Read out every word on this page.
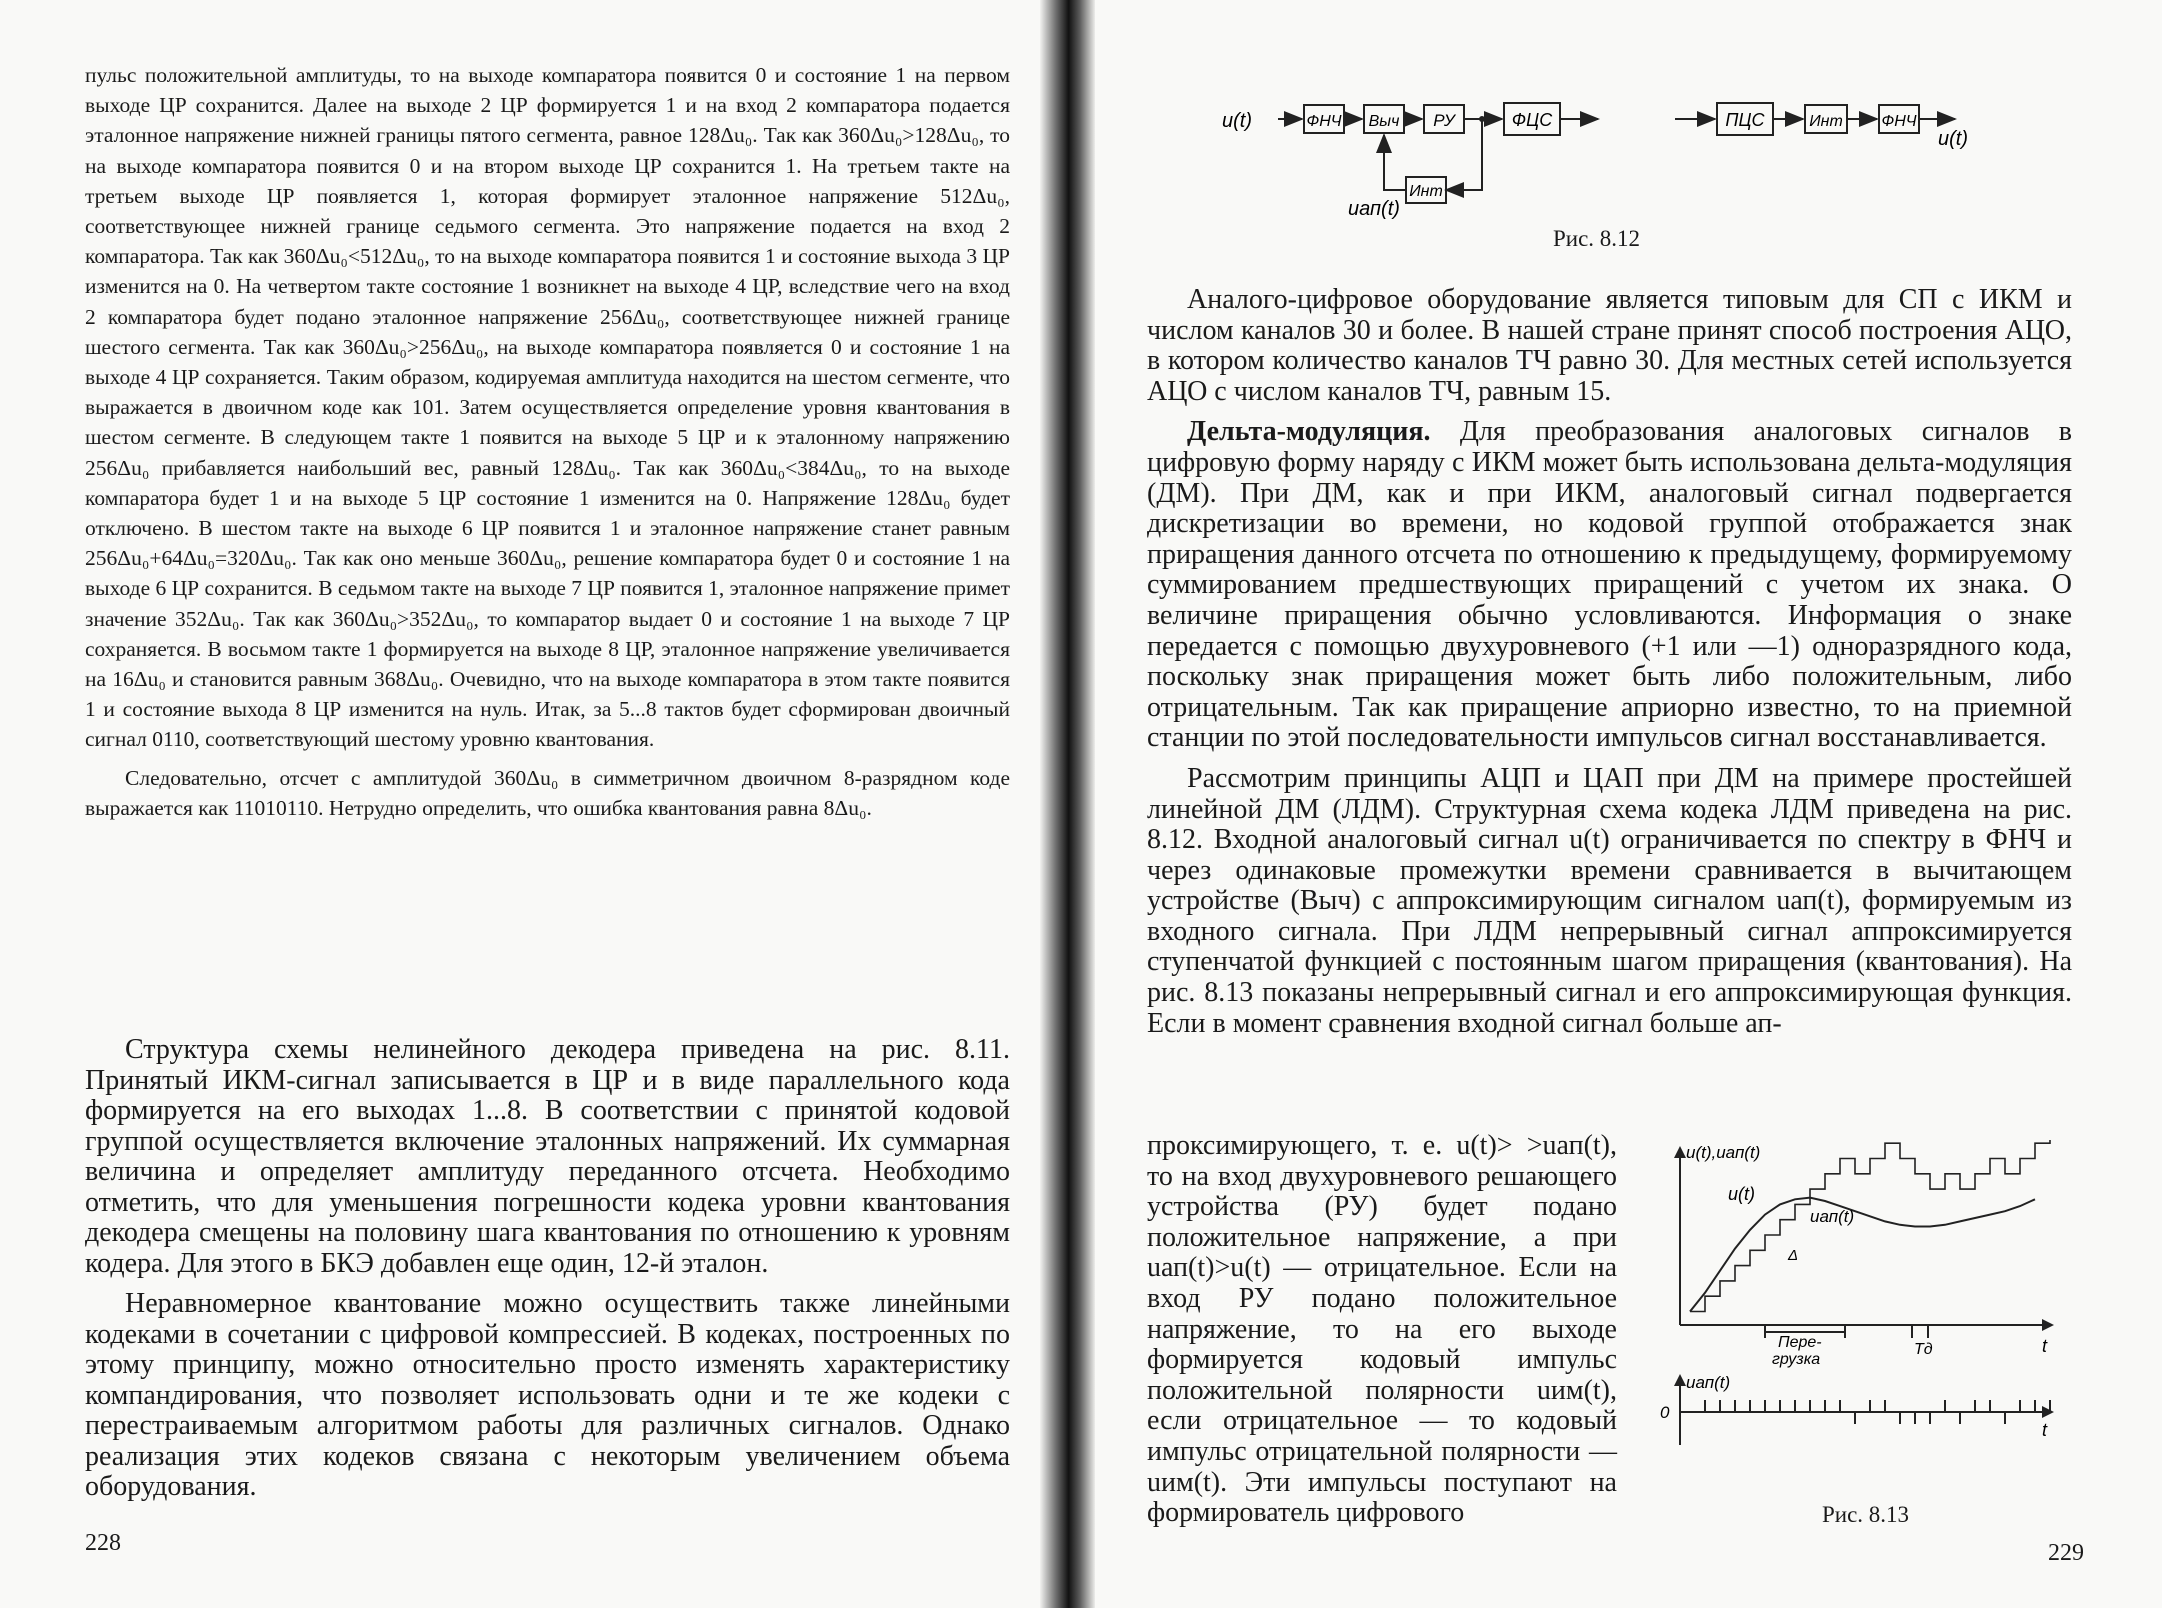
пульс положительной амплитуды, то на выходе компаратора появится 0 и состояние 1 на первом выходе ЦР сохранится. Далее на выходе 2 ЦР формируется 1 и на вход 2 компаратора подается эталонное напряжение нижней границы пятого сегмента, равное 128Δu₀. Так как 360Δu₀>128Δu₀, то на выходе компаратора появится 0 и на втором выходе ЦР сохранится 1. На третьем такте на третьем выходе ЦР появляется 1, которая формирует эталонное напряжение 512Δu₀, соответствующее нижней границе седьмого сегмента. Это напряжение подается на вход 2 компаратора. Так как 360Δu₀<512Δu₀, то на выходе компаратора появится 1 и состояние выхода 3 ЦР изменится на 0. На четвертом такте состояние 1 возникнет на выходе 4 ЦР, вследствие чего на вход 2 компаратора будет подано эталонное напряжение 256Δu₀, соответствующее нижней границе шестого сегмента. Так как 360Δu₀>256Δu₀, на выходе компаратора появляется 0 и состояние 1 на выходе 4 ЦР сохраняется. Таким образом, кодируемая амплитуда находится на шестом сегменте, что выражается в двоичном коде как 101. Затем осуществляется определение уровня квантования в шестом сегменте. В следующем такте 1 появится на выходе 5 ЦР и к эталонному напряжению 256Δu₀ прибавляется наибольший вес, равный 128Δu₀. Так как 360Δu₀<384Δu₀, то на выходе компаратора будет 1 и на выходе 5 ЦР состояние 1 изменится на 0. Напряжение 128Δu₀ будет отключено. В шестом такте на выходе 6 ЦР появится 1 и эталонное напряжение станет равным 256Δu₀+64Δu₀=320Δu₀. Так как оно меньше 360Δu₀, решение компаратора будет 0 и состояние 1 на выходе 6 ЦР сохранится. В седьмом такте на выходе 7 ЦР появится 1, эталонное напряжение примет значение 352Δu₀. Так как 360Δu₀>352Δu₀, то компаратор выдает 0 и состояние 1 на выходе 7 ЦР сохраняется. В восьмом такте 1 формируется на выходе 8 ЦР, эталонное напряжение увеличивается на 16Δu₀ и становится равным 368Δu₀. Очевидно, что на выходе компаратора в этом такте появится 1 и состояние выхода 8 ЦР изменится на нуль. Итак, за 5...8 тактов будет сформирован двоичный сигнал 0110, соответствующий шестому уровню квантования.

Следовательно, отсчет с амплитудой 360Δu₀ в симметричном двоичном 8-разрядном коде выражается как 11010110. Нетрудно определить, что ошибка квантования равна 8Δu₀.

Структура схемы нелинейного декодера приведена на рис. 8.11. Принятый ИКМ-сигнал записывается в ЦР и в виде параллельного кода формируется на его выходах 1...8. В соответствии с принятой кодовой группой осуществляется включение эталонных напряжений. Их суммарная величина и определяет амплитуду переданного отсчета. Необходимо отметить, что для уменьшения погрешности кодека уровни квантования декодера смещены на половину шага квантования по отношению к уровням кодера. Для этого в БКЭ добавлен еще один, 12-й эталон.

Неравномерное квантование можно осуществить также линейными кодеками в сочетании с цифровой компрессией. В кодеках, построенных по этому принципу, можно относительно просто изменять характеристику компандирования, что позволяет использовать одни и те же кодеки с перестраиваемым алгоритмом работы для различных сигналов. Однако реализация этих кодеков связана с некоторым увеличением объема оборудования.

228
u(t)	ФНЧ Выч РУ	ФЦС
Инт
uап(t)
ПЦС	Инт ФНЧ
u(t)
Рис. 8.12

Аналого-цифровое оборудование является типовым для СП с ИКМ и числом каналов 30 и более. В нашей стране принят способ построения АЦО, в котором количество каналов ТЧ равно 30. Для местных сетей используется АЦО с числом каналов ТЧ, равным 15.

Дельта-модуляция. Для преобразования аналоговых сигналов в цифровую форму наряду с ИКМ может быть использована дельта-модуляция (ДМ). При ДМ, как и при ИКМ, аналоговый сигнал подвергается дискретизации во времени, но кодовой группой отображается знак приращения данного отсчета по отношению к предыдущему, формируемому суммированием предшествующих приращений с учетом их знака. О величине приращения обычно условливаются. Информация о знаке передается с помощью двухуровневого (+1 или —1) одноразрядного кода, поскольку знак приращения может быть либо положительным, либо отрицательным. Так как приращение априорно известно, то на приемной станции по этой последовательности импульсов сигнал восстанавливается.

Рассмотрим принципы АЦП и ЦАП при ДМ на примере простейшей линейной ДМ (ЛДМ). Структурная схема кодека ЛДМ приведена на рис. 8.12. Входной аналоговый сигнал u(t) ограничивается по спектру в ФНЧ и через одинаковые промежутки времени сравнивается в вычитающем устройстве (Выч) с аппроксимирующим сигналом uап(t), формируемым из входного сигнала. При ЛДМ непрерывный сигнал аппроксимируется ступенчатой функцией с постоянным шагом приращения (квантования). На рис. 8.13 показаны непрерывный сигнал и его аппроксимирующая функция. Если в момент сравнения входной сигнал больше ап-

проксимирующего, т. е. u(t)> >uап(t), то на вход двухуровневого решающего устройства (РУ) будет подано положительное напряжение, а при uап(t)>u(t) — отрицательное. Если на вход РУ подано положительное напряжение, то на его выходе формируется кодовый импульс положительной полярности uим(t), если отрицательное — то кодовый импульс отрицательной полярности —uим(t). Эти импульсы поступают на формирователь цифрового
u(t),uап(t)
u(t)
uап(t)
Δ
Пере-
грузка
Tд	t
uап(t)
0
t
Рис. 8.13
229
